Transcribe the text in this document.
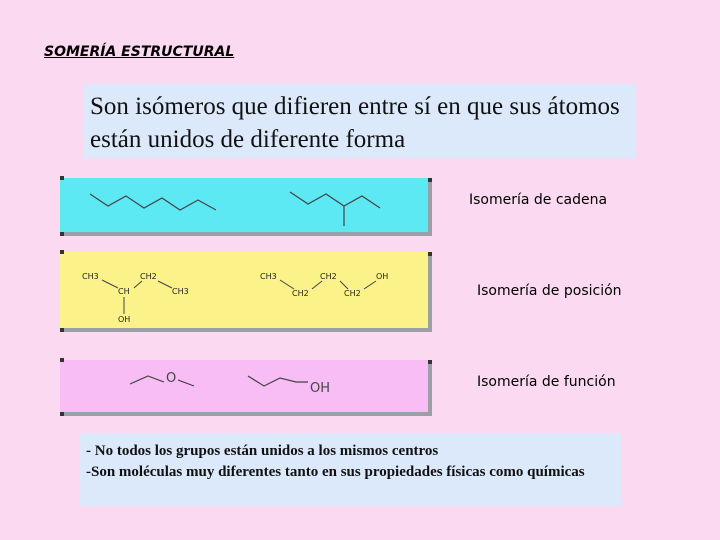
SOMERÍA ESTRUCTURAL
Son isómeros que difieren entre sí en que sus átomos están unidos de diferente forma
Isomería de cadena
CH3	CH2
CH	CH3
OH
CH3	CH2
CH2	CH2
OH
Isomería de posición
O
OH	Isomería de función
- No todos los grupos están unidos a los mismos centros
-Son moléculas muy diferentes tanto en sus propiedades físicas como químicas
